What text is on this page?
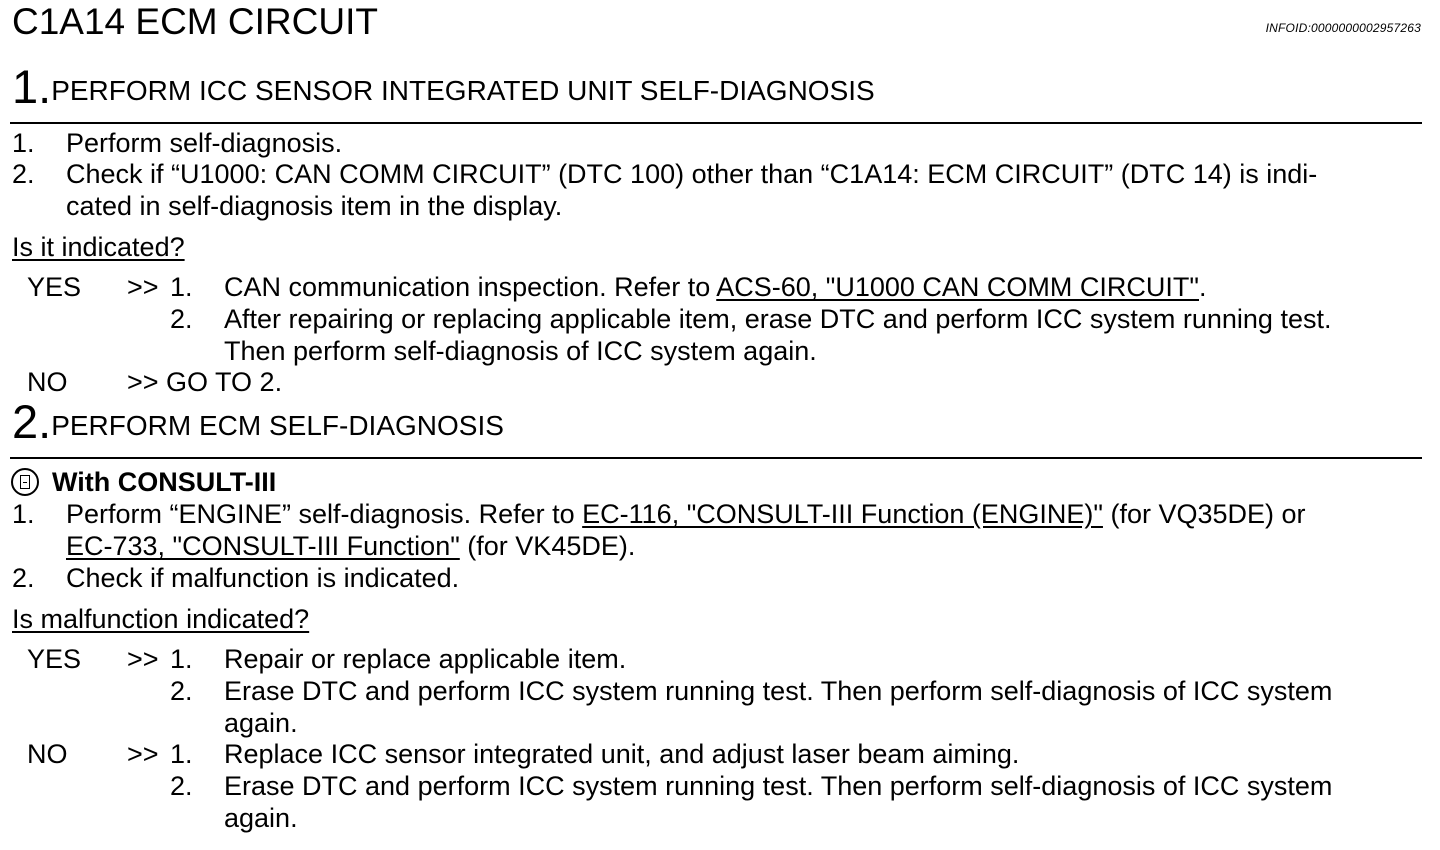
C1A14 ECM CIRCUIT	INFOID:0000000002957263
1.PERFORM ICC SENSOR INTEGRATED UNIT SELF-DIAGNOSIS
1. Perform self-diagnosis.
2. Check if “U1000: CAN COMM CIRCUIT” (DTC 100) other than “C1A14: ECM CIRCUIT” (DTC 14) is indi-
cated in self-diagnosis item in the display.
Is it indicated?
YES >> 1. CAN communication inspection. Refer to ACS-60, "U1000 CAN COMM CIRCUIT".
2. After repairing or replacing applicable item, erase DTC and perform ICC system running test.
Then perform self-diagnosis of ICC system again.
NO >> GO TO 2.
2.PERFORM ECM SELF-DIAGNOSIS
With CONSULT-III
1. Perform “ENGINE” self-diagnosis. Refer to EC-116, "CONSULT-III Function (ENGINE)" (for VQ35DE) or
EC-733, "CONSULT-III Function" (for VK45DE).
2. Check if malfunction is indicated.
Is malfunction indicated?
YES >> 1. Repair or replace applicable item.
2. Erase DTC and perform ICC system running test. Then perform self-diagnosis of ICC system
again.
NO >> 1. Replace ICC sensor integrated unit, and adjust laser beam aiming.
2. Erase DTC and perform ICC system running test. Then perform self-diagnosis of ICC system
again.
